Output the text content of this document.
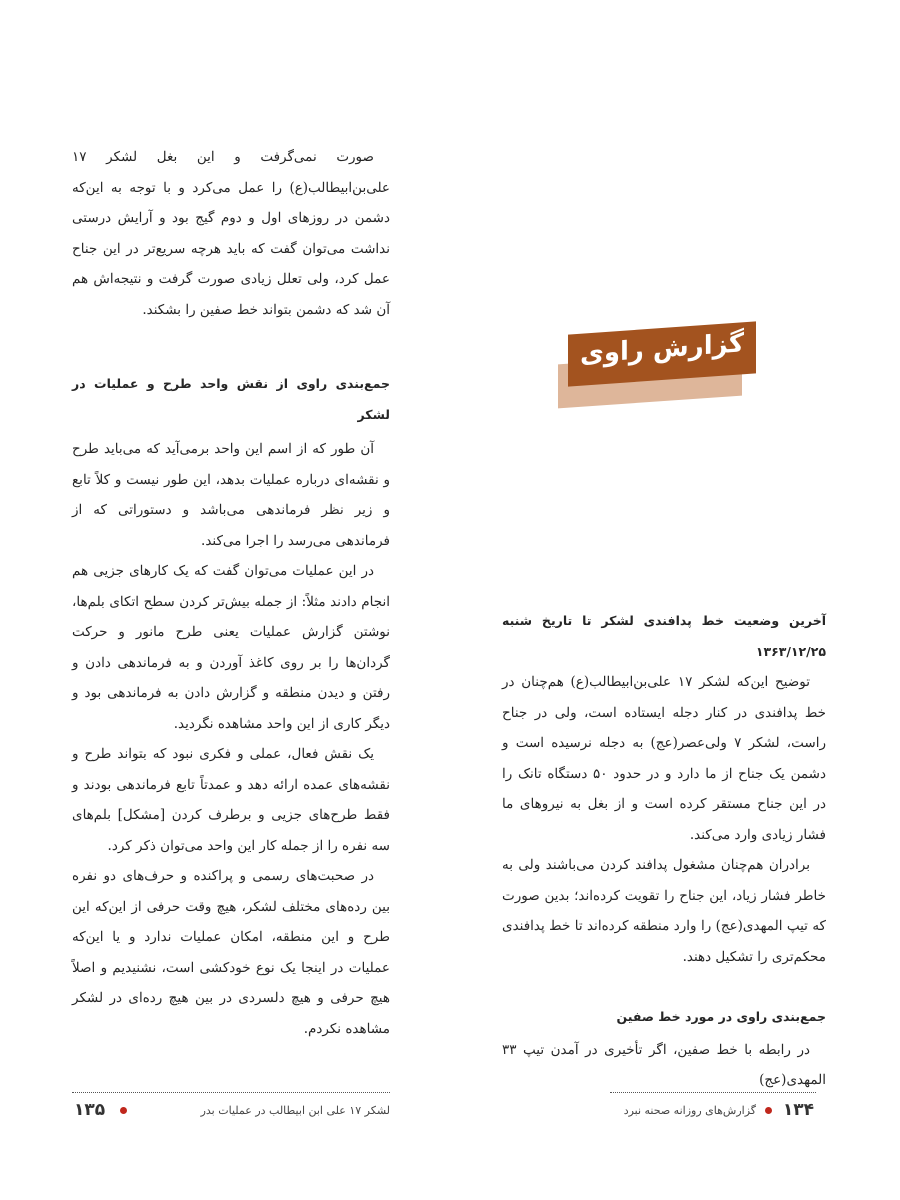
صورت نمی‌گرفت و این بغل لشکر ۱۷ علی‌بن‌ابیطالب(ع) را عمل می‌کرد و با توجه به این‌که دشمن در روزهای اول و دوم گیج بود و آرایش درستی نداشت می‌توان گفت که باید هرچه سریع‌تر در این جناح عمل کرد، ولی تعلل زیادی صورت گرفت و نتیجه‌اش هم آن شد که دشمن بتواند خط صفین را بشکند.

جمع‌بندی راوی از نقش واحد طرح و عملیات در لشکر

آن طور که از اسم این واحد برمی‌آید که می‌باید طرح و نقشه‌ای درباره عملیات بدهد، این طور نیست و کلاً تابع و زیر نظر فرماندهی می‌باشد و دستوراتی که از فرماندهی می‌رسد را اجرا می‌کند.

در این عملیات می‌توان گفت که یک کارهای جزیی هم انجام دادند مثلاً: از جمله بیش‌تر کردن سطح اتکای بلم‌ها، نوشتن گزارش عملیات یعنی طرح مانور و حرکت گردان‌ها را بر روی کاغذ آوردن و به فرماندهی دادن و رفتن و دیدن منطقه و گزارش دادن به فرماندهی بود و دیگر کاری از این واحد مشاهده نگردید.

یک نقش فعال، عملی و فکری نبود که بتواند طرح و نقشه‌های عمده ارائه دهد و عمدتاً تابع فرماندهی بودند و فقط طرح‌های جزیی و برطرف کردن [مشکل] بلم‌های سه نفره را از جمله کار این واحد می‌توان ذکر کرد.

در صحبت‌های رسمی و پراکنده و حرف‌های دو نفره بین رده‌های مختلف لشکر، هیچ وقت حرفی از این‌که این طرح و این منطقه، امکان عملیات ندارد و یا این‌که عملیات در اینجا یک نوع خودکشی است، نشنیدیم و اصلاً هیچ حرفی و هیچ دلسردی در بین هیچ رده‌ای در لشکر مشاهده نکردم.

گزارش راوی

آخرین وضعیت خط پدافندی لشکر تا تاریخ شنبه ۱۳۶۳/۱۲/۲۵

توضیح این‌که لشکر ۱۷ علی‌بن‌ابیطالب(ع) هم‌چنان در خط پدافندی در کنار دجله ایستاده است، ولی در جناح راست، لشکر ۷ ولی‌عصر(عج) به دجله نرسیده است و دشمن یک جناح از ما دارد و در حدود ۵۰ دستگاه تانک را در این جناح مستقر کرده است و از بغل به نیروهای ما فشار زیادی وارد می‌کند.

برادران هم‌چنان مشغول پدافند کردن می‌باشند ولی به خاطر فشار زیاد، این جناح را تقویت کرده‌اند؛ بدین صورت که تیپ المهدی(عج) را وارد منطقه کرده‌اند تا خط پدافندی محکم‌تری را تشکیل دهند.

جمع‌بندی راوی در مورد خط صفین

در رابطه با خط صفین، اگر تأخیری در آمدن تیپ ۳۳ المهدی(عج)

۱۳۵	لشکر ۱۷ علی ابن ابیطالب در عملیات بدر	۱۳۴
گزارش‌های روزانه صحنه نبرد
